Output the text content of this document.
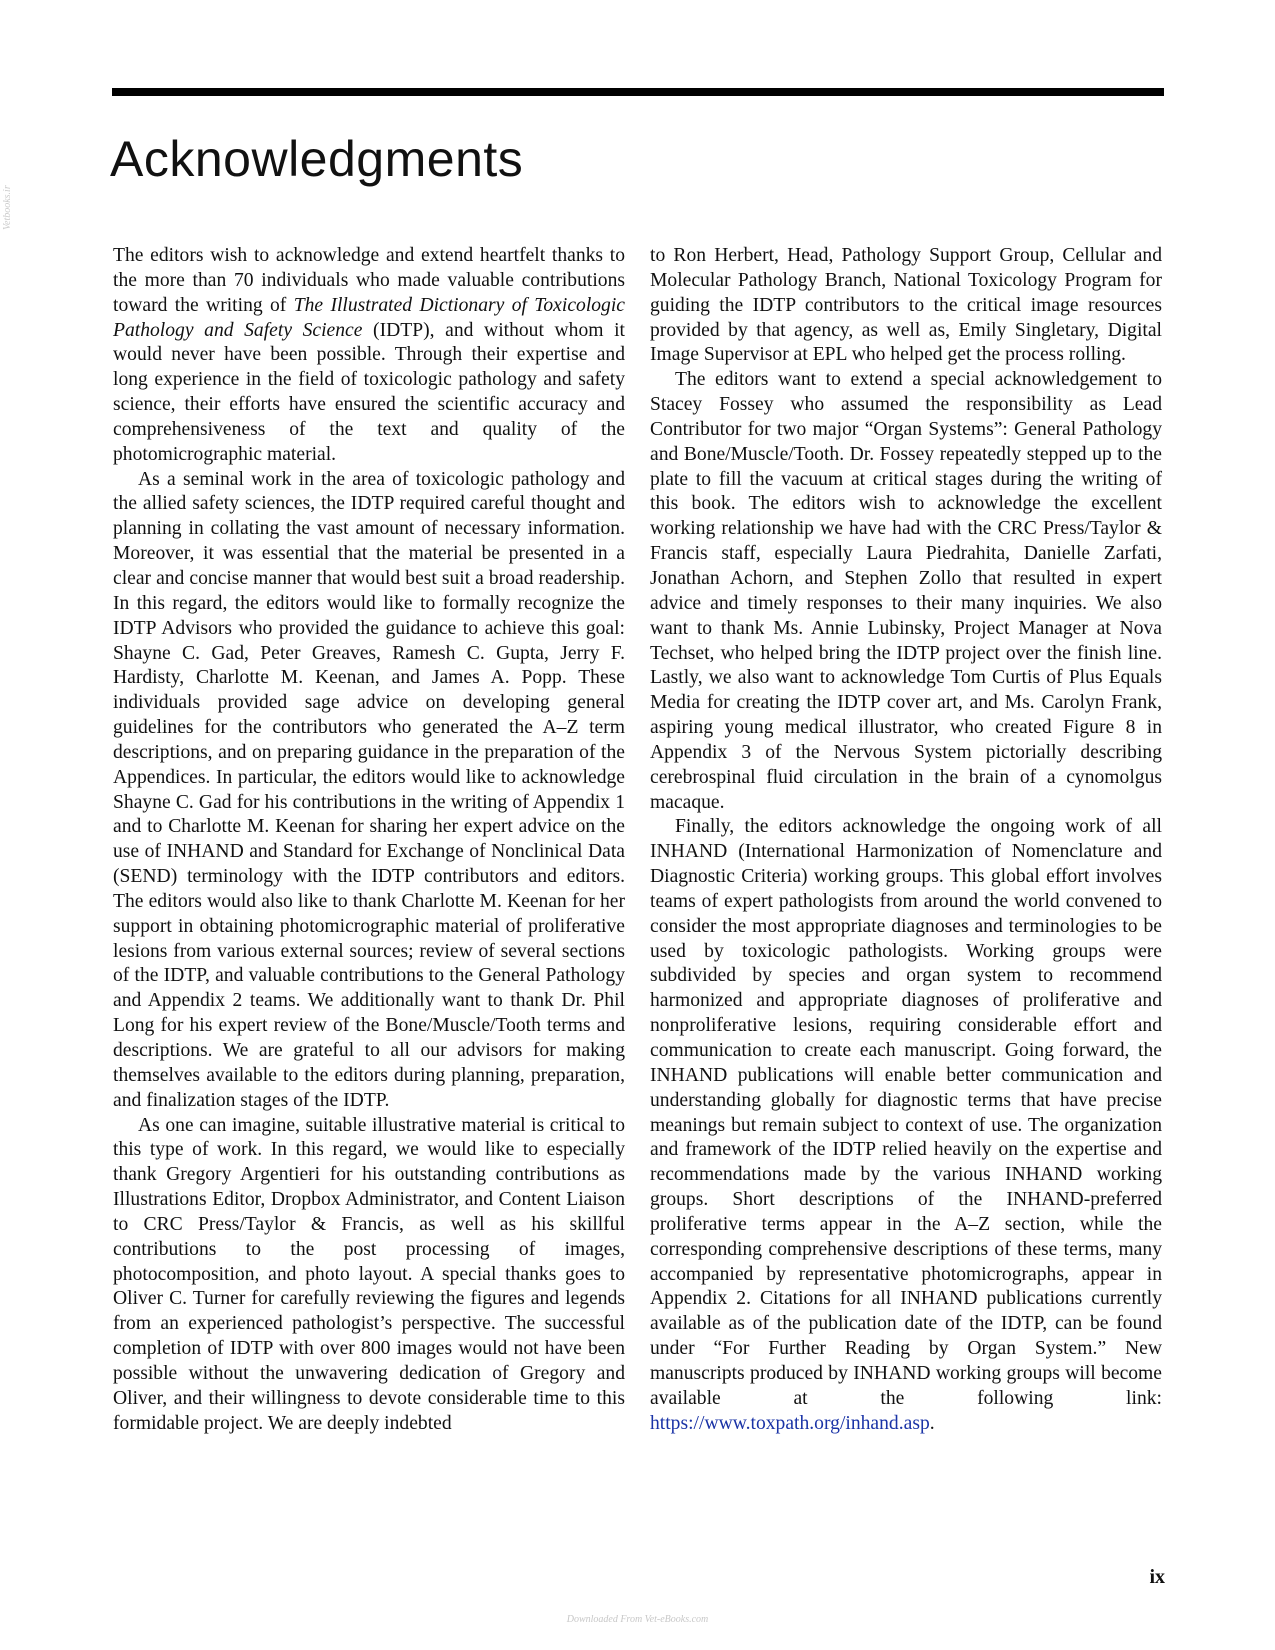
Acknowledgments
Vetbooks.ir

The editors wish to acknowledge and extend heartfelt thanks to the more than 70 individuals who made valuable contributions toward the writing of The Illustrated Dictionary of Toxicologic Pathology and Safety Science (IDTP), and without whom it would never have been possible. Through their expertise and long experience in the field of toxicologic pathology and safety science, their efforts have ensured the scientific accuracy and comprehensiveness of the text and quality of the photomicrographic material.

As a seminal work in the area of toxicologic pathology and the allied safety sciences, the IDTP required careful thought and planning in collating the vast amount of necessary information. Moreover, it was essential that the material be presented in a clear and concise manner that would best suit a broad readership. In this regard, the editors would like to formally recognize the IDTP Advisors who provided the guidance to achieve this goal: Shayne C. Gad, Peter Greaves, Ramesh C. Gupta, Jerry F. Hardisty, Charlotte M. Keenan, and James A. Popp. These individuals provided sage advice on developing general guidelines for the contributors who generated the A–Z term descriptions, and on preparing guidance in the preparation of the Appendices. In particular, the editors would like to acknowledge Shayne C. Gad for his contributions in the writing of Appendix 1 and to Charlotte M. Keenan for sharing her expert advice on the use of INHAND and Standard for Exchange of Nonclinical Data (SEND) terminology with the IDTP contributors and editors. The editors would also like to thank Charlotte M. Keenan for her support in obtaining photomicrographic material of proliferative lesions from various external sources; review of several sections of the IDTP, and valuable contributions to the General Pathology and Appendix 2 teams. We additionally want to thank Dr. Phil Long for his expert review of the Bone/Muscle/Tooth terms and descriptions. We are grateful to all our advisors for making themselves available to the editors during planning, preparation, and finalization stages of the IDTP.

As one can imagine, suitable illustrative material is critical to this type of work. In this regard, we would like to especially thank Gregory Argentieri for his outstanding contributions as Illustrations Editor, Dropbox Administrator, and Content Liaison to CRC Press/Taylor & Francis, as well as his skillful contributions to the post processing of images, photocomposition, and photo layout. A special thanks goes to Oliver C. Turner for carefully reviewing the figures and legends from an experienced pathologist’s perspective. The successful completion of IDTP with over 800 images would not have been possible without the unwavering dedication of Gregory and Oliver, and their willingness to devote considerable time to this formidable project. We are deeply indebted

to Ron Herbert, Head, Pathology Support Group, Cellular and Molecular Pathology Branch, National Toxicology Program for guiding the IDTP contributors to the critical image resources provided by that agency, as well as, Emily Singletary, Digital Image Supervisor at EPL who helped get the process rolling.

The editors want to extend a special acknowledgement to Stacey Fossey who assumed the responsibility as Lead Contributor for two major “Organ Systems”: General Pathology and Bone/Muscle/Tooth. Dr. Fossey repeatedly stepped up to the plate to fill the vacuum at critical stages during the writing of this book. The editors wish to acknowledge the excellent working relationship we have had with the CRC Press/Taylor & Francis staff, especially Laura Piedrahita, Danielle Zarfati, Jonathan Achorn, and Stephen Zollo that resulted in expert advice and timely responses to their many inquiries. We also want to thank Ms. Annie Lubinsky, Project Manager at Nova Techset, who helped bring the IDTP project over the finish line. Lastly, we also want to acknowledge Tom Curtis of Plus Equals Media for creating the IDTP cover art, and Ms. Carolyn Frank, aspiring young medical illustrator, who created Figure 8 in Appendix 3 of the Nervous System pictorially describing cerebrospinal fluid circulation in the brain of a cynomolgus macaque.

Finally, the editors acknowledge the ongoing work of all INHAND (International Harmonization of Nomenclature and Diagnostic Criteria) working groups. This global effort involves teams of expert pathologists from around the world convened to consider the most appropriate diagnoses and terminologies to be used by toxicologic pathologists. Working groups were subdivided by species and organ system to recommend harmonized and appropriate diagnoses of proliferative and nonproliferative lesions, requiring considerable effort and communication to create each manuscript. Going forward, the INHAND publications will enable better communication and understanding globally for diagnostic terms that have precise meanings but remain subject to context of use. The organization and framework of the IDTP relied heavily on the expertise and recommendations made by the various INHAND working groups. Short descriptions of the INHAND-preferred proliferative terms appear in the A–Z section, while the corresponding comprehensive descriptions of these terms, many accompanied by representative photomicrographs, appear in Appendix 2. Citations for all INHAND publications currently available as of the publication date of the IDTP, can be found under “For Further Reading by Organ System.” New manuscripts produced by INHAND working groups will become available at the following link: https://www.toxpath.org/inhand.asp.

ix
Downloaded From Vet-eBooks.com
